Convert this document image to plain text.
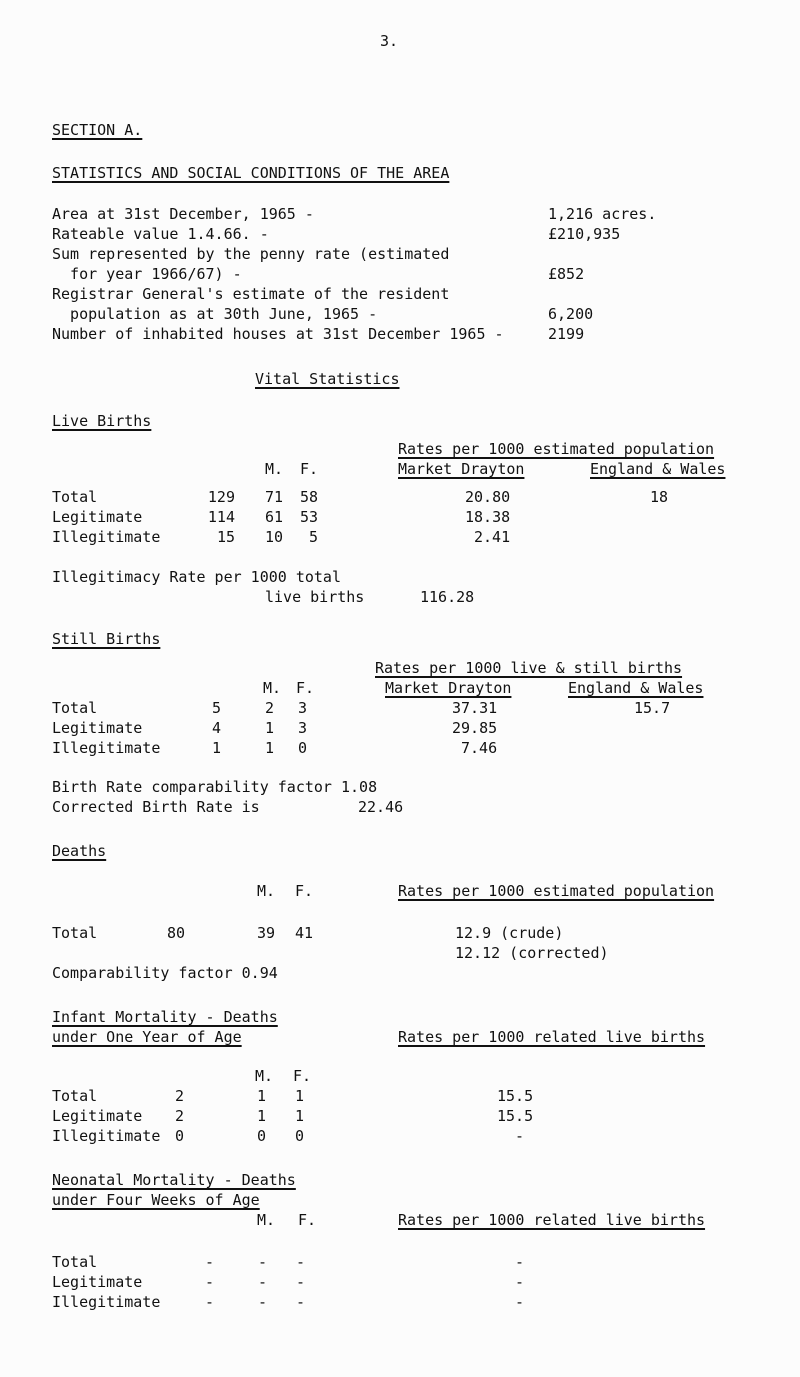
3.
SECTION A.
STATISTICS AND SOCIAL CONDITIONS OF THE AREA
Area at 31st December, 1965 -	1,216 acres.
Rateable value 1.4.66. -	£210,935
Sum represented by the penny rate (estimated
for year 1966/67) -	£852
Registrar General's estimate of the resident
population as at 30th June, 1965 -	6,200
Number of inhabited houses at 31st December 1965 -	2199
Vital Statistics
Live Births
Rates per 1000 estimated population
M. F.	Market Drayton	England & Wales
Total	129 71 58	20.80	18
Legitimate	114 61 53	18.38
Illegitimate	15 10 5	2.41
Illegitimacy Rate per 1000 total
live births	116.28
Still Births
Rates per 1000 live & still births
M. F.	Market Drayton	England & Wales
Total	5	2 3	37.31	15.7
Legitimate	4	1 3	29.85
Illegitimate	1	1 0	7.46
Birth Rate comparability factor 1.08
Corrected Birth Rate is	22.46
Deaths
M. F.	Rates per 1000 estimated population
Total	80	39 41	12.9 (crude)
12.12 (corrected)
Comparability factor 0.94
Infant Mortality - Deaths
under One Year of Age	Rates per 1000 related live births
M. F.
Total	2	1 1	15.5
Legitimate 2	1 1	15.5
Illegitimate 0	0 0	-
Neonatal Mortality - Deaths
under Four Weeks of Age
M. F.	Rates per 1000 related live births
Total	-	- -	-
Legitimate	-	- -	-
Illegitimate	-	- -	-
